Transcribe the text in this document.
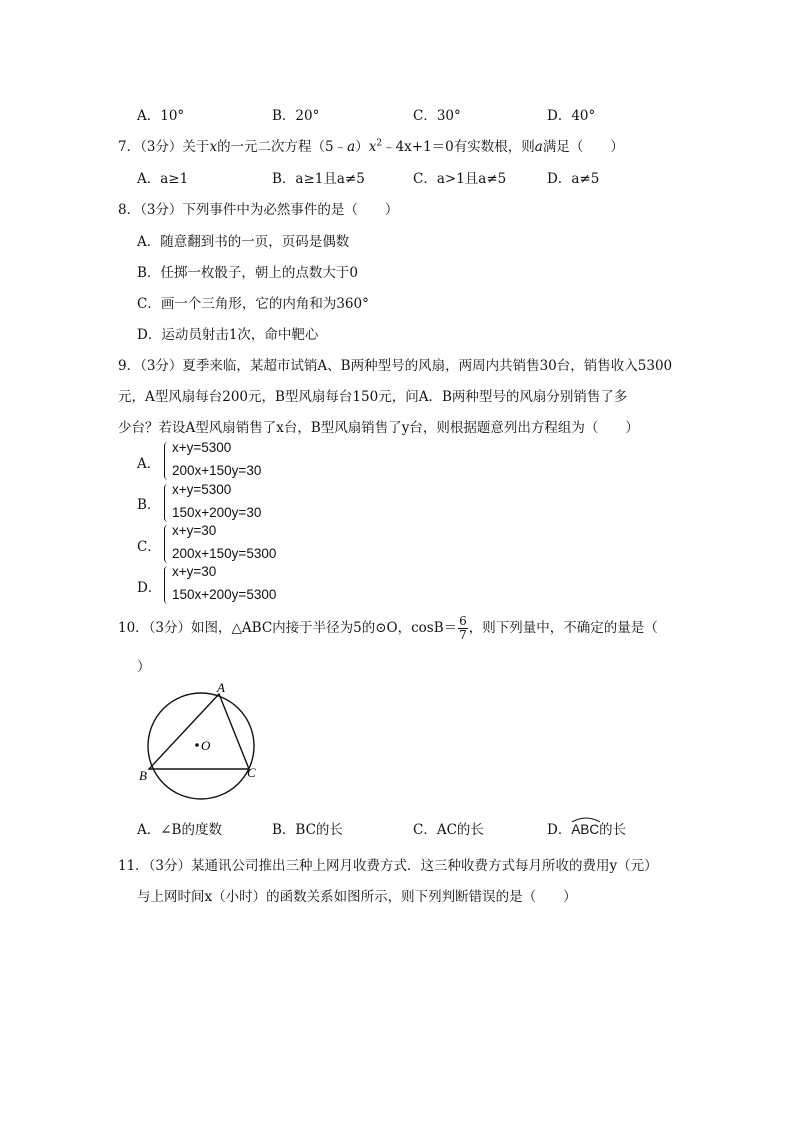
A．10°	B．20°	C．30°	D．40°
7．（3分）关于x的一元二次方程$(5﹣a)x^2﹣4x+1=0$有实数根，则a满足（　　）
A．a≥1	B．a≥1且a≠5	C．a>1且a≠5	D．a≠5
8．（3分）下列事件中为必然事件的是（　　）
A．随意翻到书的一页，页码是偶数
B．任掷一枚骰子，朝上的点数大于0
C．画一个三角形，它的内角和为360°
D．运动员射击1次，命中靶心
9．（3分）夏季来临，某超市试销A、B两种型号的风扇，两周内共销售30台，销售收入5300
元，A型风扇每台200元，B型风扇每台150元，问A．B两种型号的风扇分别销售了多
少台？若设A型风扇销售了x台，B型风扇销售了y台，则根据题意列出方程组为（　　）
A．
x+y=5300
200x+150y=30
B．
x+y=5300
150x+200y=30
C．
x+y=30
200x+150y=5300
D．
x+y=30
150x+200y=5300
10．（3分）如图，△ABC内接于半径为5的⊙O，$\cos B= \frac{6}{7}$ ，则下列量中，不确定的量是（
）
A
B	C
O
A．∠B的度数	B．BC的长	C．AC的长	D．
ABC的长
11．（3分）某通讯公司推出三种上网月收费方式．这三种收费方式每月所收的费用y（元）
与上网时间x（小时）的函数关系如图所示，则下列判断错误的是（　　）
